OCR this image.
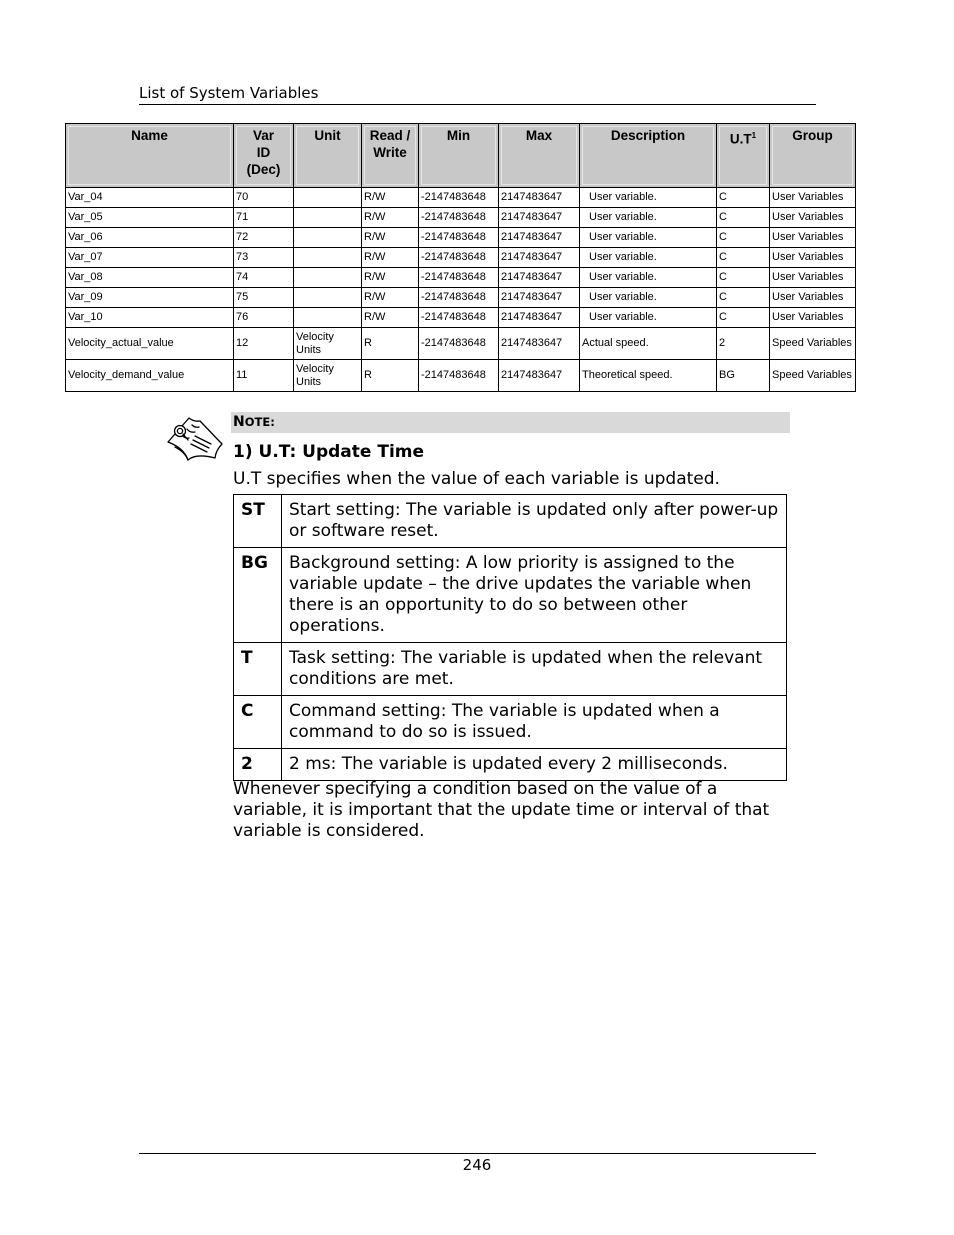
List of System Variables
Name	Var
ID
(Dec)	Unit	Read /
Write	Min	Max	Description	$U.T^1$	Group
Var_04	70		R/W	-2147483648	2147483647	User variable.	C	User Variables
Var_05	71		R/W	-2147483648	2147483647	User variable.	C	User Variables
Var_06	72		R/W	-2147483648	2147483647	User variable.	C	User Variables
Var_07	73		R/W	-2147483648	2147483647	User variable.	C	User Variables
Var_08	74		R/W	-2147483648	2147483647	User variable.	C	User Variables
Var_09	75		R/W	-2147483648	2147483647	User variable.	C	User Variables
Var_10	76		R/W	-2147483648	2147483647	User variable.	C	User Variables
Velocity_actual_value	12	Velocity Units	R	-2147483648	2147483647	Actual speed.	2	Speed Variables
Velocity_demand_value	11	Velocity Units	R	-2147483648	2147483647	Theoretical speed.	BG	Speed Variables
NOTE:
1) U.T: Update Time
U.T specifies when the value of each variable is updated.
ST	Start setting: The variable is updated only after power-up or software reset.
BG	Background setting: A low priority is assigned to the variable update – the drive updates the variable when there is an opportunity to do so between other operations.
T	Task setting: The variable is updated when the relevant conditions are met.
C	Command setting: The variable is updated when a command to do so is issued.
2	2 ms: The variable is updated every 2 milliseconds.
Whenever specifying a condition based on the value of a variable, it is important that the update time or interval of that variable is considered.
246
